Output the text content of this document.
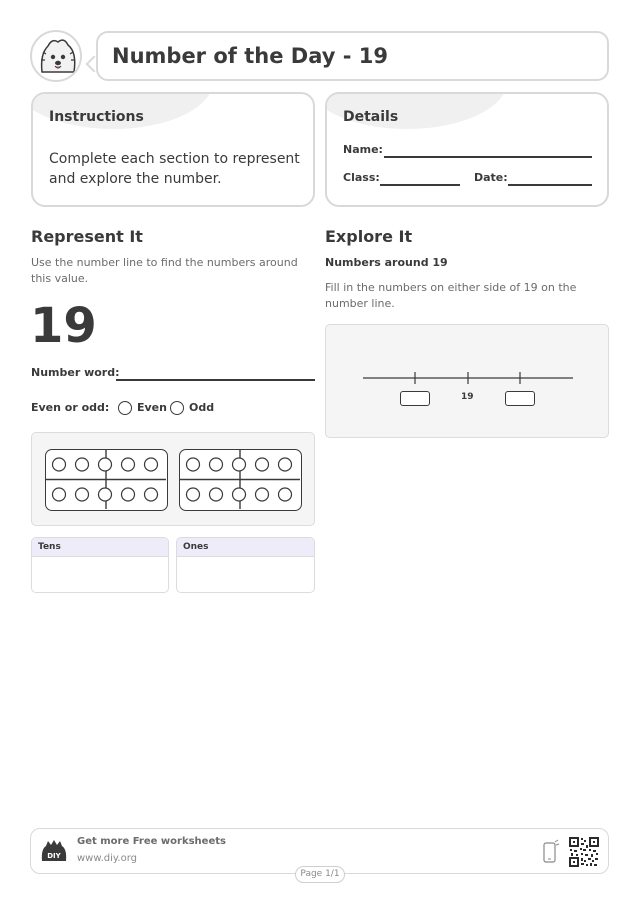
Number of the Day - 19
Instructions
Complete each section to represent and explore the number.
Details
Name:
Class:	Date:
Represent It
Use the number line to find the numbers around this value.
19
Number word:
Even or odd:	Even Odd
Tens	Ones
Explore It
Numbers around 19
Fill in the numbers on either side of 19 on the number line.
19
DIY
Get more Free worksheets
www.diy.org
Page 1/1
